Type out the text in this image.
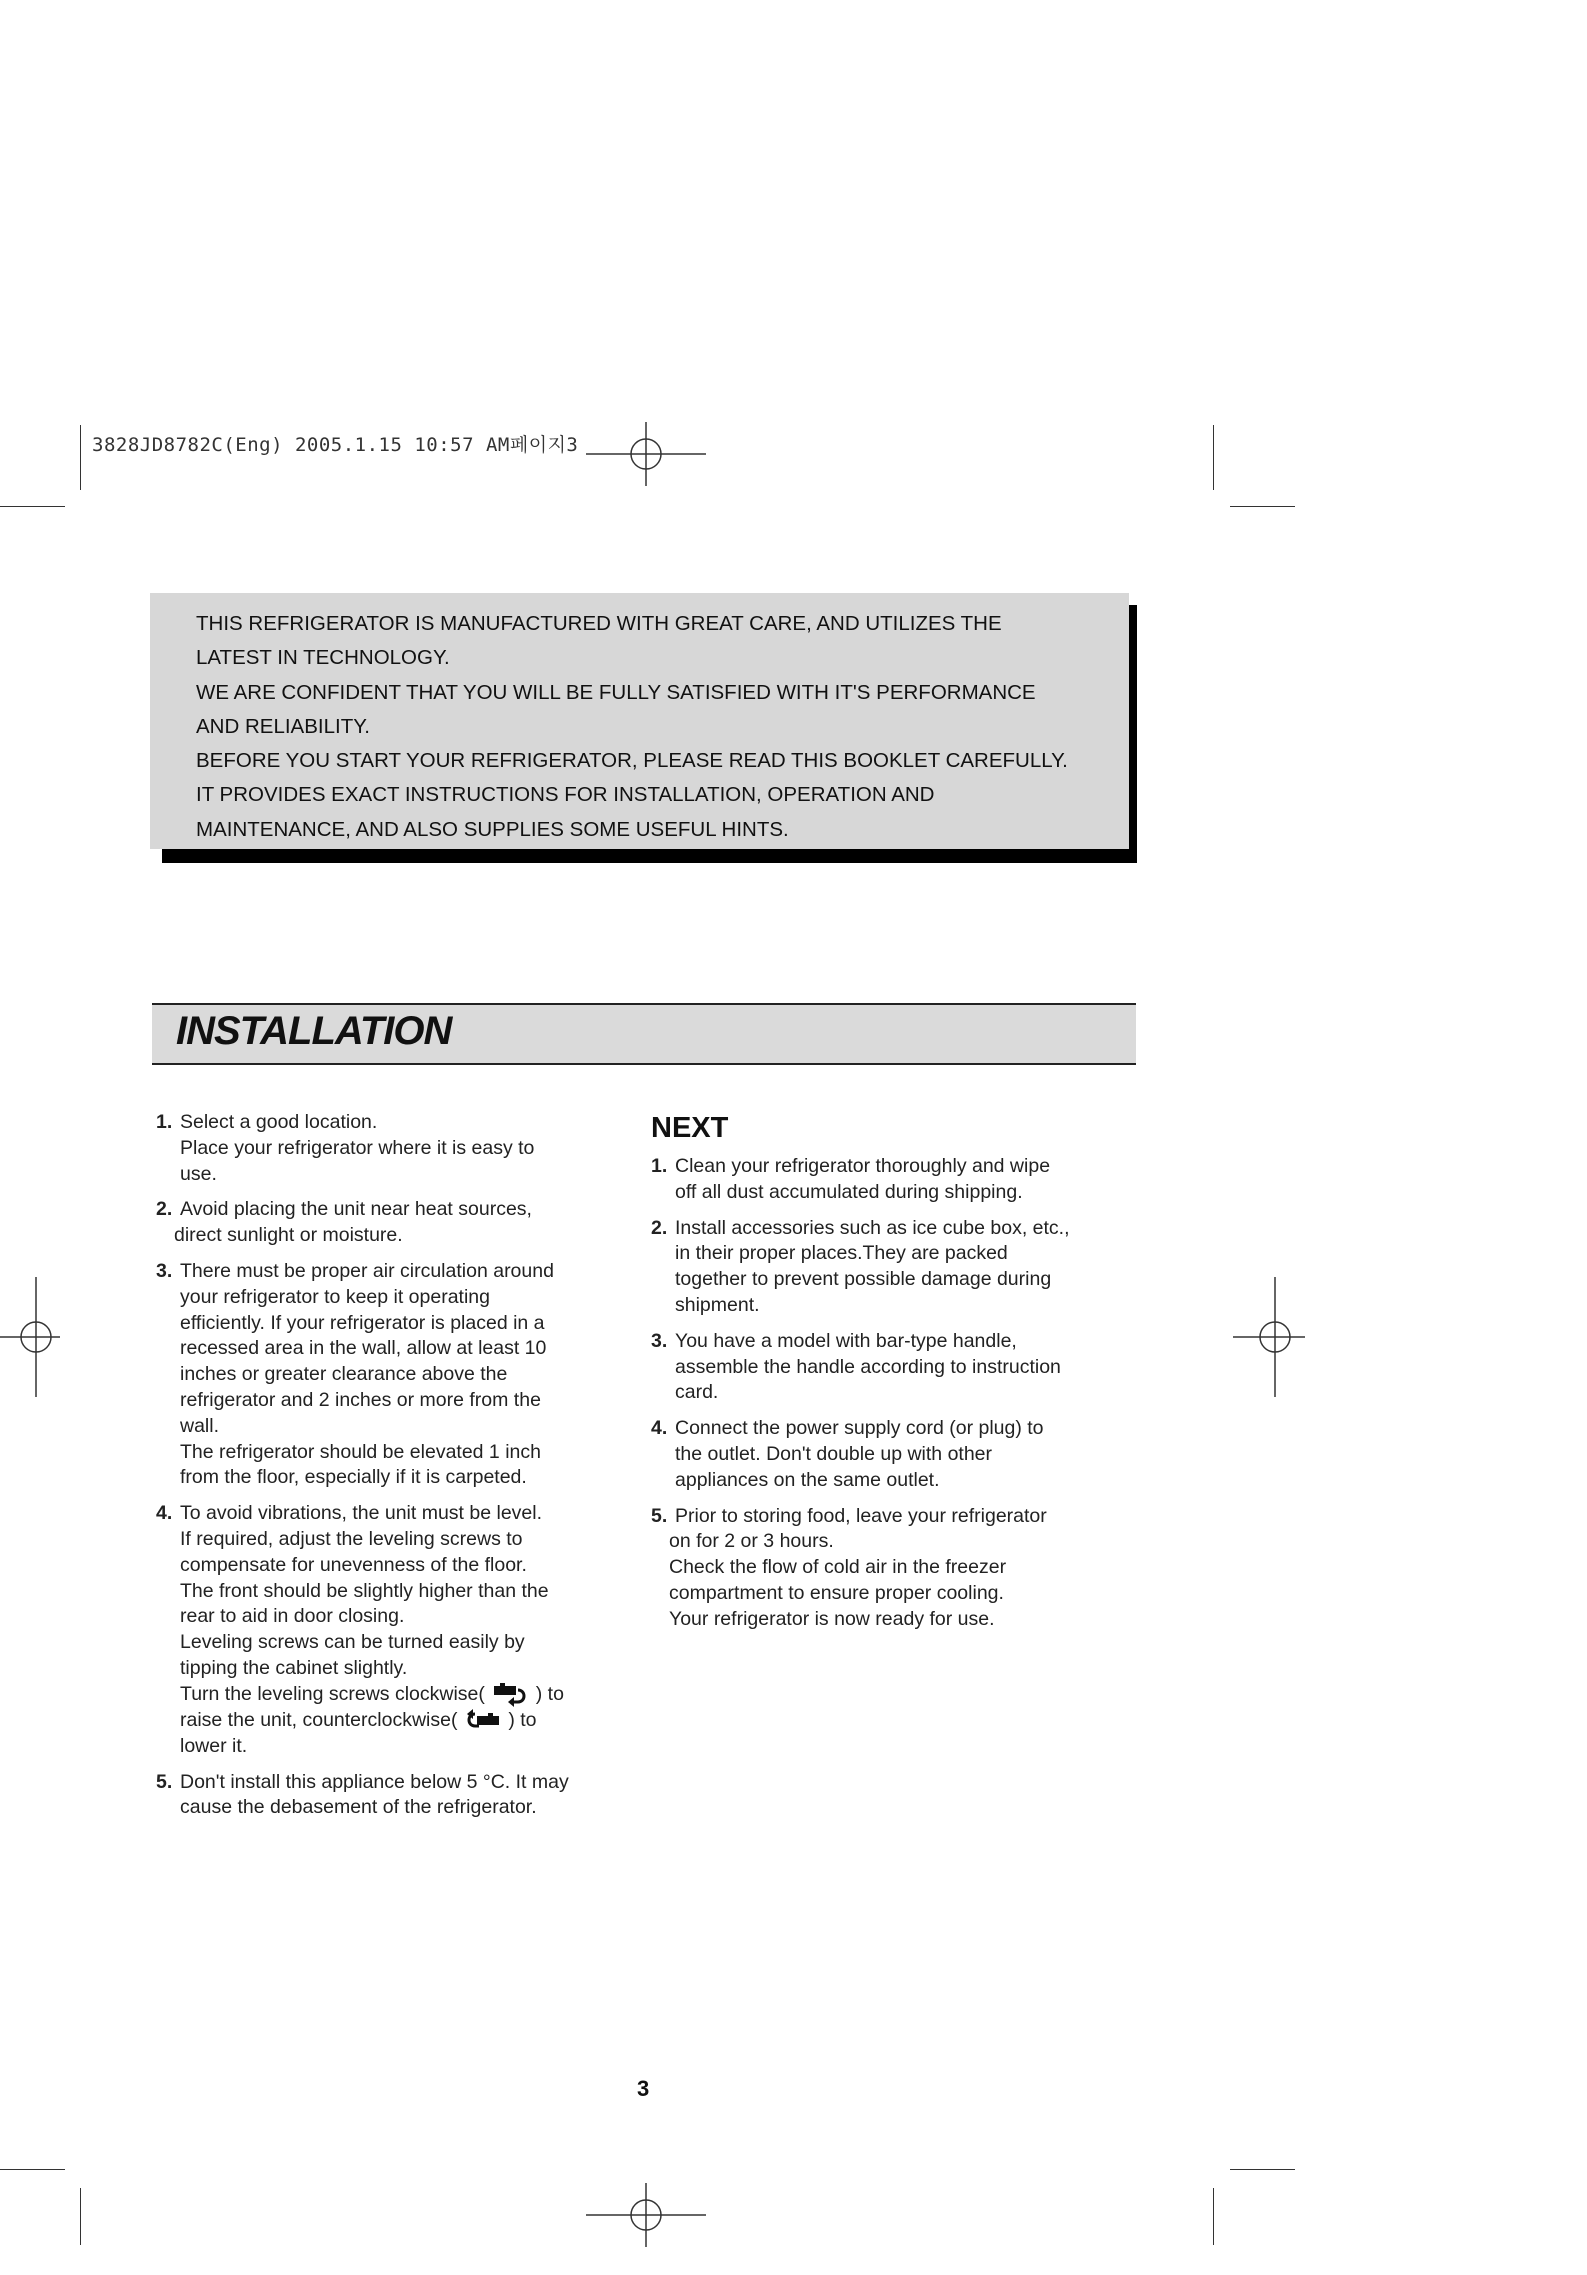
3828JD8782C(Eng) 2005.1.15 10:57 AM페이지3
THIS REFRIGERATOR IS MANUFACTURED WITH GREAT CARE, AND UTILIZES THE
LATEST IN TECHNOLOGY.
WE ARE CONFIDENT THAT YOU WILL BE FULLY SATISFIED WITH IT'S PERFORMANCE
AND RELIABILITY.
BEFORE YOU START YOUR REFRIGERATOR, PLEASE READ THIS BOOKLET CAREFULLY.
IT PROVIDES EXACT INSTRUCTIONS FOR INSTALLATION, OPERATION AND
MAINTENANCE, AND ALSO SUPPLIES SOME USEFUL HINTS.
INSTALLATION
1. Select a good location.
Place your refrigerator where it is easy to
use.
2. Avoid placing the unit near heat sources,
direct sunlight or moisture.
3. There must be proper air circulation around
your refrigerator to keep it operating
efficiently. If your refrigerator is placed in a
recessed area in the wall, allow at least 10
inches or greater clearance above the
refrigerator and 2 inches or more from the
wall.
The refrigerator should be elevated 1 inch
from the floor, especially if it is carpeted.
4. To avoid vibrations, the unit must be level.
If required, adjust the leveling screws to
compensate for unevenness of the floor.
The front should be slightly higher than the
rear to aid in door closing.
Leveling screws can be turned easily by
tipping the cabinet slightly.
Turn the leveling screws clockwise(	) to
raise the unit, counterclockwise(	) to
lower it.
5. Don't install this appliance below 5 °C. It may
cause the debasement of the refrigerator.
NEXT
1. Clean your refrigerator thoroughly and wipe
off all dust accumulated during shipping.
2. Install accessories such as ice cube box, etc.,
in their proper places.They are packed
together to prevent possible damage during
shipment.
3. You have a model with bar-type handle,
assemble the handle according to instruction
card.
4. Connect the power supply cord (or plug) to
the outlet. Don't double up with other
appliances on the same outlet.
5. Prior to storing food, leave your refrigerator
on for 2 or 3 hours.
Check the flow of cold air in the freezer
compartment to ensure proper cooling.
Your refrigerator is now ready for use.
3
